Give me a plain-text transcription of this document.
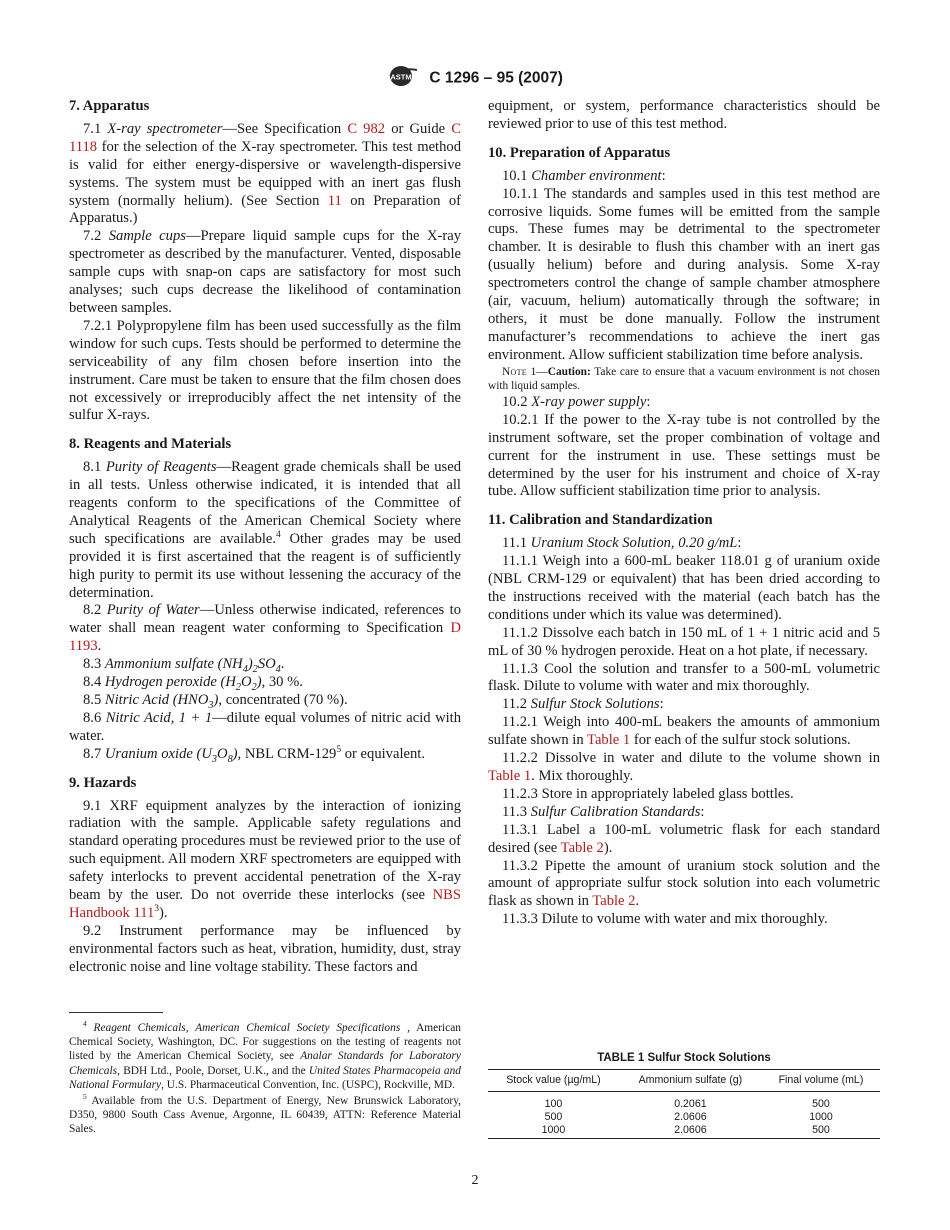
ASTM C 1296 – 95 (2007)
7. Apparatus

7.1 X-ray spectrometer—See Specification C 982 or Guide C 1118 for the selection of the X-ray spectrometer. This test method is valid for either energy-dispersive or wavelength-dispersive systems. The system must be equipped with an inert gas flush system (normally helium). (See Section 11 on Preparation of Apparatus.)

7.2 Sample cups—Prepare liquid sample cups for the X-ray spectrometer as described by the manufacturer. Vented, disposable sample cups with snap-on caps are satisfactory for most such analyses; such cups decrease the likelihood of contamination between samples.

7.2.1 Polypropylene film has been used successfully as the film window for such cups. Tests should be performed to determine the serviceability of any film chosen before insertion into the instrument. Care must be taken to ensure that the film chosen does not excessively or irreproducibly affect the net intensity of the sulfur X-rays.

8. Reagents and Materials

8.1 Purity of Reagents—Reagent grade chemicals shall be used in all tests. Unless otherwise indicated, it is intended that all reagents conform to the specifications of the Committee of Analytical Reagents of the American Chemical Society where such specifications are available.$^4$ Other grades may be used provided it is first ascertained that the reagent is of sufficiently high purity to permit its use without lessening the accuracy of the determination.

8.2 Purity of Water—Unless otherwise indicated, references to water shall mean reagent water conforming to Specification D 1193.

8.3 Ammonium sulfate $(NH_4)_2SO_4$.

8.4 Hydrogen peroxide $(H_2O_2)$, 30 %.

8.5 Nitric Acid $(HNO_3)$, concentrated (70 %).

8.6 Nitric Acid, 1 + 1—dilute equal volumes of nitric acid with water.

8.7 Uranium oxide $(U_3O_8)$, NBL CRM-$129^5$ or equivalent.

9. Hazards

9.1 XRF equipment analyzes by the interaction of ionizing radiation with the sample. Applicable safety regulations and standard operating procedures must be reviewed prior to the use of such equipment. All modern XRF spectrometers are equipped with safety interlocks to prevent accidental penetration of the X-ray beam by the user. Do not override these interlocks (see NBS Handbook $111^3$).

9.2 Instrument performance may be influenced by environmental factors such as heat, vibration, humidity, dust, stray electronic noise and line voltage stability. These factors and

$^4$ Reagent Chemicals, American Chemical Society Specifications , American Chemical Society, Washington, DC. For suggestions on the testing of reagents not listed by the American Chemical Society, see Analar Standards for Laboratory Chemicals, BDH Ltd., Poole, Dorset, U.K., and the United States Pharmacopeia and National Formulary, U.S. Pharmaceutical Convention, Inc. (USPC), Rockville, MD.

$^5$ Available from the U.S. Department of Energy, New Brunswick Laboratory, D350, 9800 South Cass Avenue, Argonne, IL 60439, ATTN: Reference Material Sales.

equipment, or system, performance characteristics should be reviewed prior to use of this test method.

10. Preparation of Apparatus

10.1 Chamber environment:

10.1.1 The standards and samples used in this test method are corrosive liquids. Some fumes will be emitted from the sample cups. These fumes may be detrimental to the spectrometer chamber. It is desirable to flush this chamber with an inert gas (usually helium) before and during analysis. Some X-ray spectrometers control the change of sample chamber atmosphere (air, vacuum, helium) automatically through the software; in others, it must be done manually. Follow the instrument manufacturer’s recommendations to achieve the inert gas environment. Allow sufficient stabilization time before analysis.

Note 1—Caution: Take care to ensure that a vacuum environment is not chosen with liquid samples.

10.2 X-ray power supply:

10.2.1 If the power to the X-ray tube is not controlled by the instrument software, set the proper combination of voltage and current for the instrument in use. These settings must be determined by the user for his instrument and choice of X-ray tube. Allow sufficient stabilization time prior to analysis.

11. Calibration and Standardization

11.1 Uranium Stock Solution, 0.20 g/mL:

11.1.1 Weigh into a 600-mL beaker 118.01 g of uranium oxide (NBL CRM-129 or equivalent) that has been dried according to the instructions received with the material (each batch has the conditions under which its value was determined).

11.1.2 Dissolve each batch in 150 mL of 1 + 1 nitric acid and 5 mL of 30 % hydrogen peroxide. Heat on a hot plate, if necessary.

11.1.3 Cool the solution and transfer to a 500-mL volumetric flask. Dilute to volume with water and mix thoroughly.

11.2 Sulfur Stock Solutions:

11.2.1 Weigh into 400-mL beakers the amounts of ammonium sulfate shown in Table 1 for each of the sulfur stock solutions.

11.2.2 Dissolve in water and dilute to the volume shown in Table 1. Mix thoroughly.

11.2.3 Store in appropriately labeled glass bottles.

11.3 Sulfur Calibration Standards:

11.3.1 Label a 100-mL volumetric flask for each standard desired (see Table 2).

11.3.2 Pipette the amount of uranium stock solution and the amount of appropriate sulfur stock solution into each volumetric flask as shown in Table 2.

11.3.3 Dilute to volume with water and mix thoroughly.

TABLE 1 Sulfur Stock Solutions
Stock value (µg/mL)	Ammonium sulfate (g)	Final volume (mL)
100	0.2061	500
500	2.0606	1000
1000	2.0606	500
2
